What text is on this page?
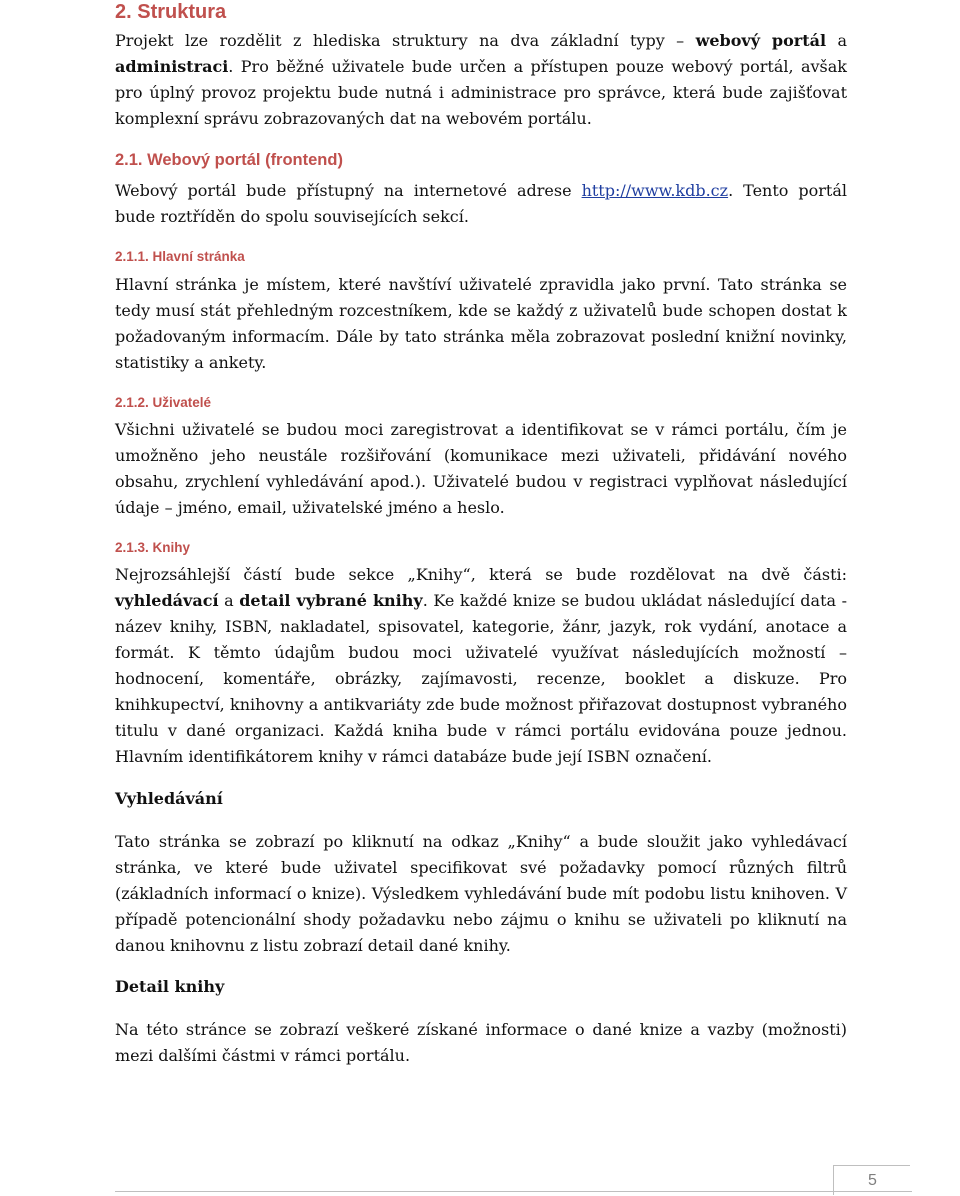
2. Struktura

Projekt lze rozdělit z hlediska struktury na dva základní typy – webový portál a administraci. Pro běžné uživatele bude určen a přístupen pouze webový portál, avšak pro úplný provoz projektu bude nutná i administrace pro správce, která bude zajišťovat komplexní správu zobrazovaných dat na webovém portálu.

2.1. Webový portál (frontend)

Webový portál bude přístupný na internetové adrese http://www.kdb.cz. Tento portál bude roztříděn do spolu souvisejících sekcí.

2.1.1. Hlavní stránka

Hlavní stránka je místem, které navštíví uživatelé zpravidla jako první. Tato stránka se tedy musí stát přehledným rozcestníkem, kde se každý z uživatelů bude schopen dostat k požadovaným informacím. Dále by tato stránka měla zobrazovat poslední knižní novinky, statistiky a ankety.

2.1.2. Uživatelé

Všichni uživatelé se budou moci zaregistrovat a identifikovat se v rámci portálu, čím je umožněno jeho neustále rozšiřování (komunikace mezi uživateli, přidávání nového obsahu, zrychlení vyhledávání apod.). Uživatelé budou v registraci vyplňovat následující údaje – jméno, email, uživatelské jméno a heslo.

2.1.3. Knihy

Nejrozsáhlejší částí bude sekce „Knihy“, která se bude rozdělovat na dvě části: vyhledávací a detail vybrané knihy. Ke každé knize se budou ukládat následující data - název knihy, ISBN, nakladatel, spisovatel, kategorie, žánr, jazyk, rok vydání, anotace a formát. K těmto údajům budou moci uživatelé využívat následujících možností – hodnocení, komentáře, obrázky, zajímavosti, recenze, booklet a diskuze. Pro knihkupectví, knihovny a antikvariáty zde bude možnost přiřazovat dostupnost vybraného titulu v dané organizaci. Každá kniha bude v rámci portálu evidována pouze jednou. Hlavním identifikátorem knihy v rámci databáze bude její ISBN označení.

Vyhledávání

Tato stránka se zobrazí po kliknutí na odkaz „Knihy“ a bude sloužit jako vyhledávací stránka, ve které bude uživatel specifikovat své požadavky pomocí různých filtrů (základních informací o knize). Výsledkem vyhledávání bude mít podobu listu knihoven. V případě potencionální shody požadavku nebo zájmu o knihu se uživateli po kliknutí na danou knihovnu z listu zobrazí detail dané knihy.

Detail knihy

Na této stránce se zobrazí veškeré získané informace o dané knize a vazby (možnosti) mezi dalšími částmi v rámci portálu.

5
